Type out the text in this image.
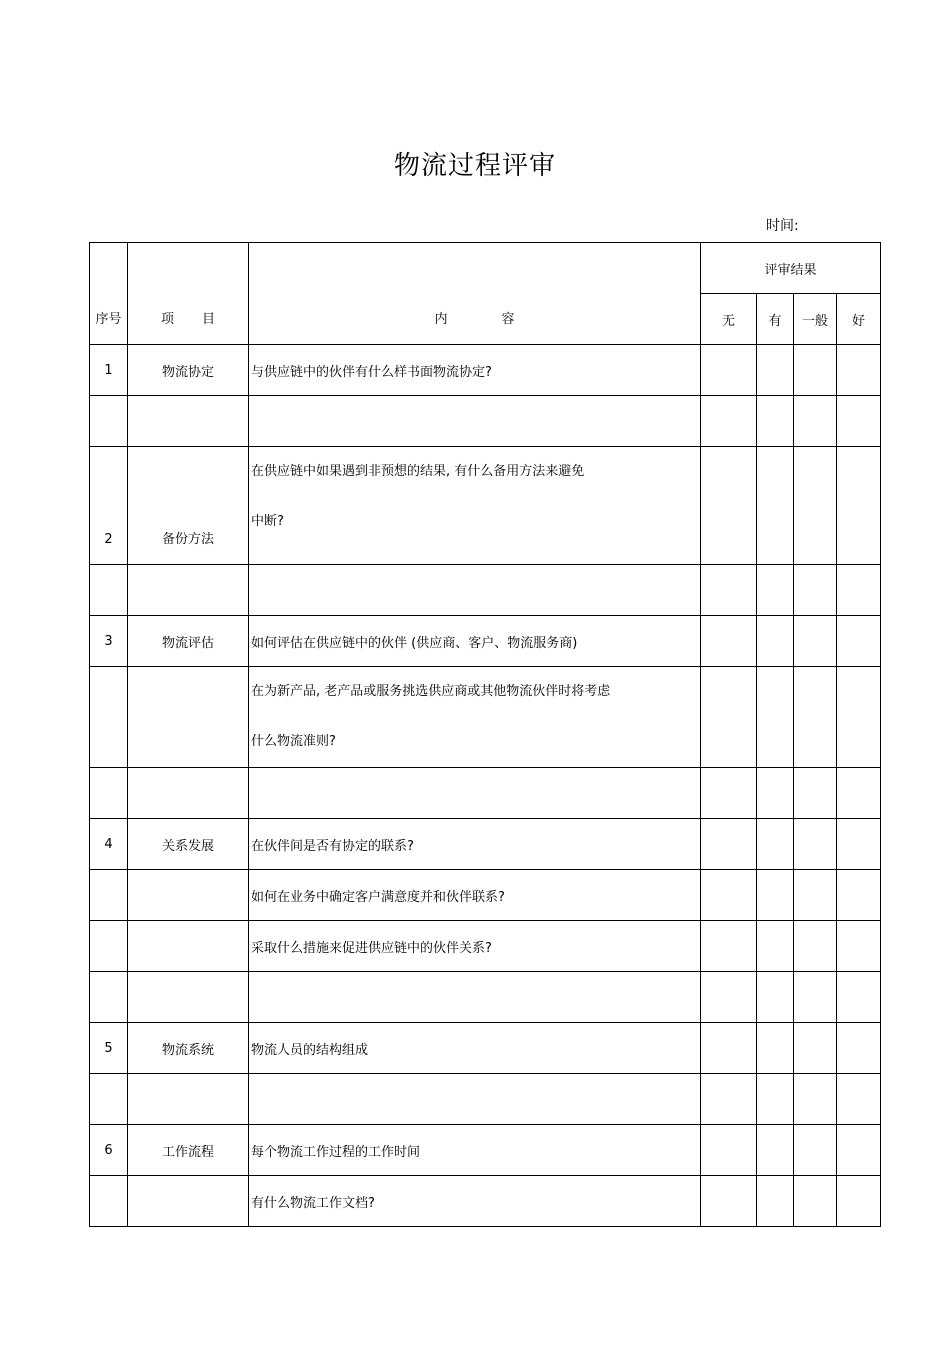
物流过程评审
时间:
序号	项 目	内 容	评审结果			
			无	有	一般	好
1	物流协定	与供应链中的伙伴有什么样书面物流协定?				

2	备份方法	在供应链中如果遇到非预想的结果, 有什么备用方法来避免
中断?				

3	物流评估	如何评估在供应链中的伙伴 (供应商、客户、物流服务商)				

		在为新产品, 老产品或服务挑选供应商或其他物流伙伴时将考虑
什么物流准则?				

4	关系发展	在伙伴间是否有协定的联系?				
		如何在业务中确定客户满意度并和伙伴联系?				
		采取什么措施来促进供应链中的伙伴关系?				

5	物流系统	物流人员的结构组成				

6	工作流程	每个物流工作过程的工作时间				
		有什么物流工作文档?				
